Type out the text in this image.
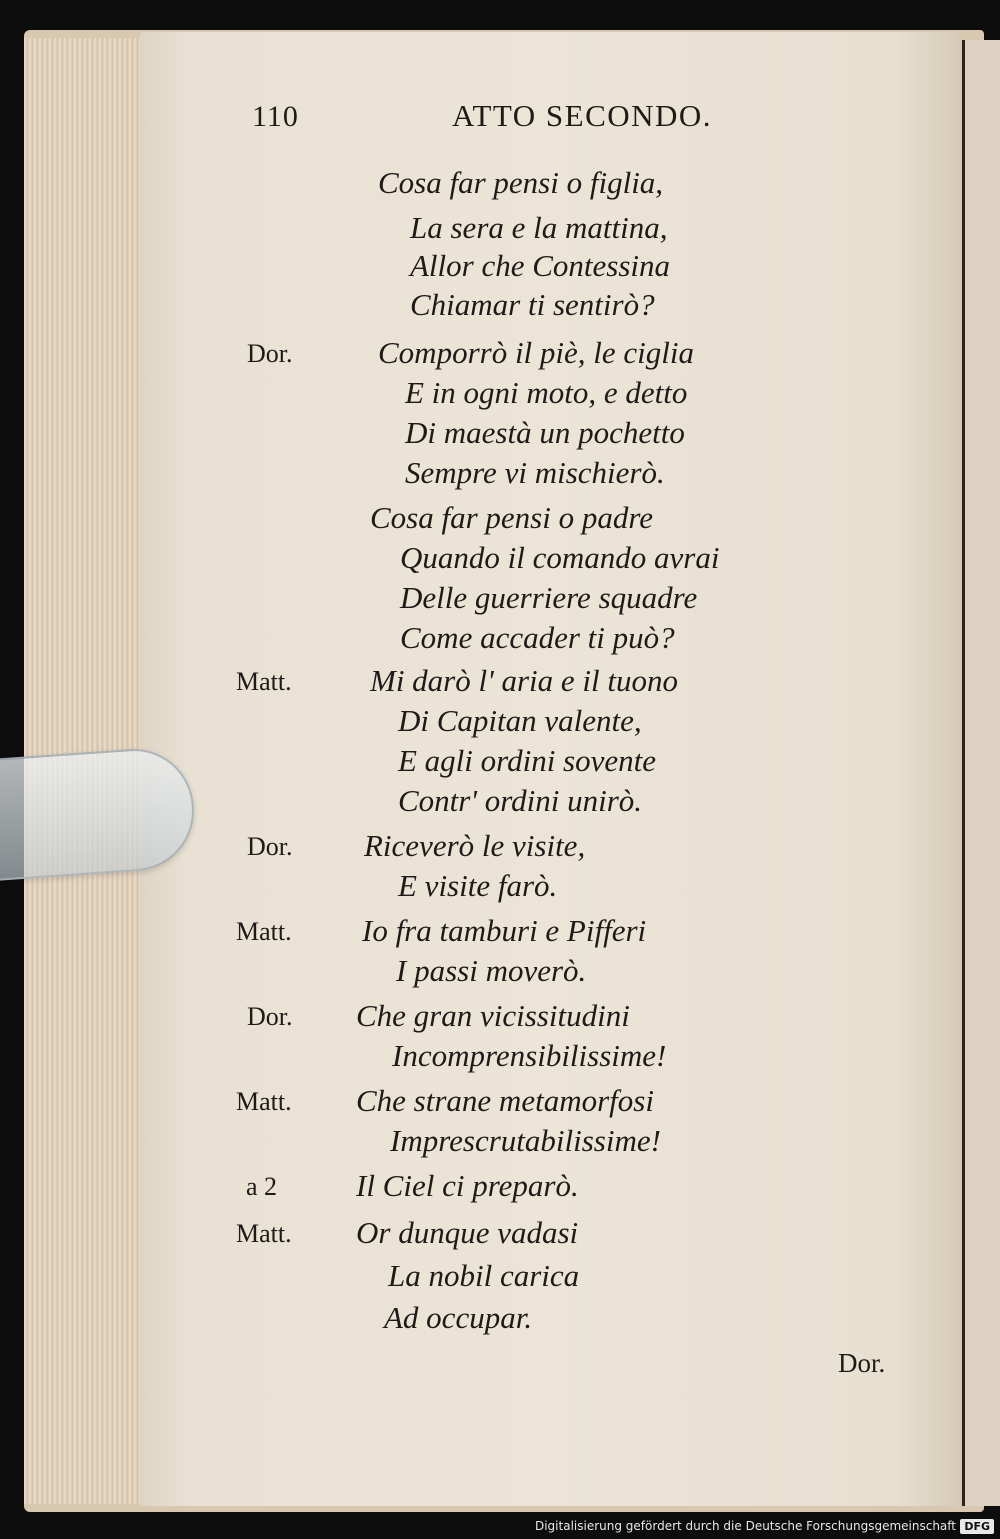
110	ATTO SECONDO.
Cosa far pensi o figlia,
La sera e la mattina,
Allor che Contessina
Chiamar ti sentirò?
Dor.	Comporrò il piè, le ciglia
E in ogni moto, e detto
Di maestà un pochetto
Sempre vi mischierò.
Cosa far pensi o padre
Quando il comando avrai
Delle guerriere squadre
Come accader ti può?
Matt.	Mi darò l' aria e il tuono
Di Capitan valente,
E agli ordini sovente
Contr' ordini unirò.
Dor. Riceverò le visite,
E visite farò.
Matt. Io fra tamburi e Pifferi
I passi moverò.
Dor. Che gran vicissitudini
Incomprensibilissime!
Matt. Che strane metamorfosi
Imprescrutabilissime!
a 2	Il Ciel ci preparò.
Matt. Or dunque vadasi
La nobil carica
Ad occupar.
Dor.
Digitalisierung gefördert durch die Deutsche Forschungsgemeinschaft DFG
